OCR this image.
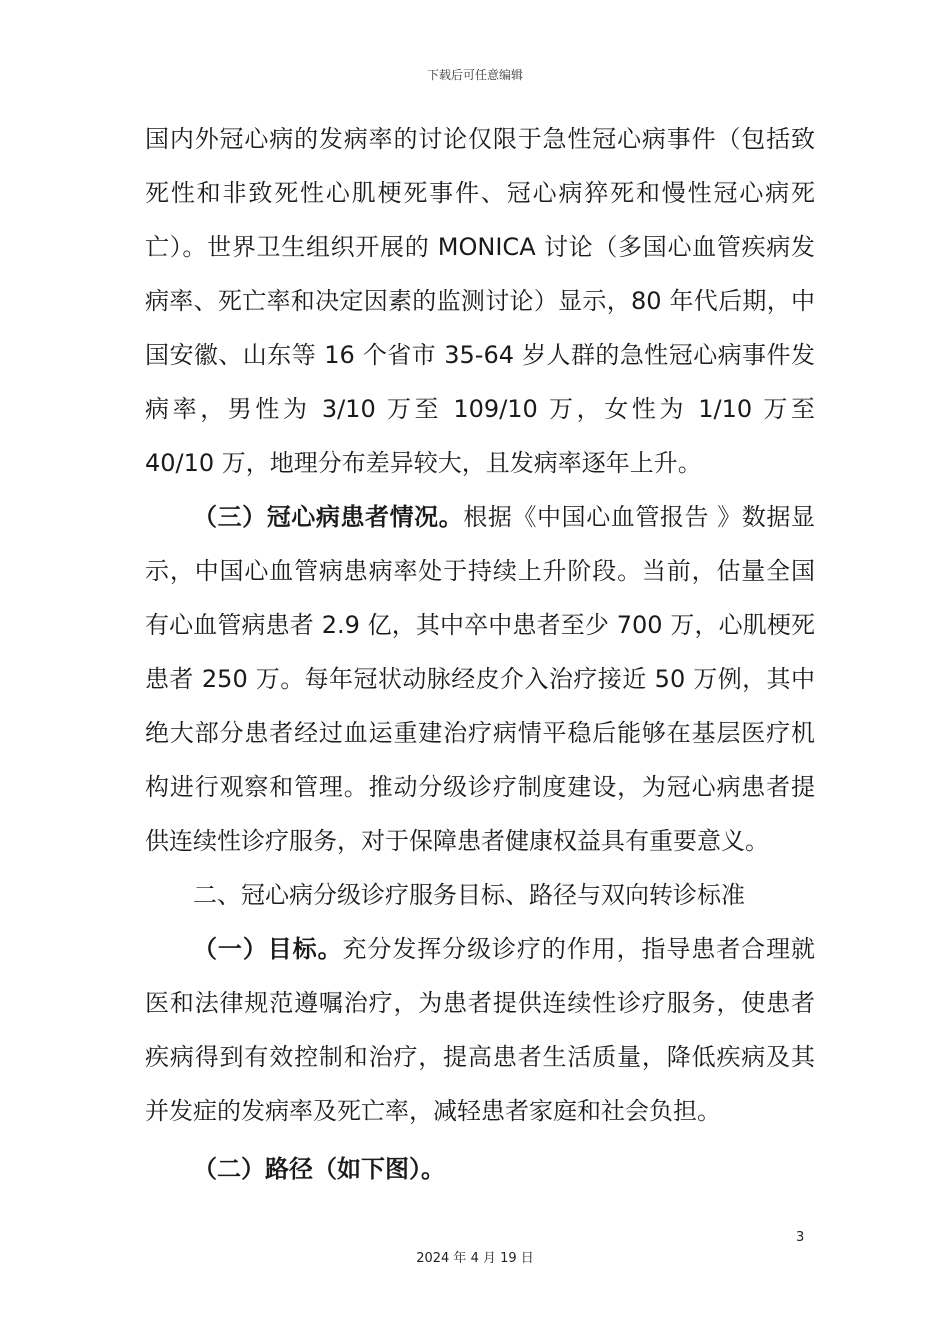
下载后可任意编辑

国内外冠心病的发病率的讨论仅限于急性冠心病事件（包括致死性和非致死性心肌梗死事件、冠心病猝死和慢性冠心病死亡）。世界卫生组织开展的 MONICA 讨论（多国心血管疾病发病率、死亡率和决定因素的监测讨论）显示，80 年代后期，中国安徽、山东等 16 个省市 35-64 岁人群的急性冠心病事件发病率，男性为 3/10 万至 109/10 万，女性为 1/10 万至 40/10 万，地理分布差异较大，且发病率逐年上升。

（三）冠心病患者情况。根据《中国心血管报告 》数据显示，中国心血管病患病率处于持续上升阶段。当前，估量全国有心血管病患者 2.9 亿，其中卒中患者至少 700 万，心肌梗死患者 250 万。每年冠状动脉经皮介入治疗接近 50 万例，其中绝大部分患者经过血运重建治疗病情平稳后能够在基层医疗机构进行观察和管理。推动分级诊疗制度建设，为冠心病患者提供连续性诊疗服务，对于保障患者健康权益具有重要意义。

二、冠心病分级诊疗服务目标、路径与双向转诊标准

（一）目标。充分发挥分级诊疗的作用，指导患者合理就医和法律规范遵嘱治疗，为患者提供连续性诊疗服务，使患者疾病得到有效控制和治疗，提高患者生活质量，降低疾病及其并发症的发病率及死亡率，减轻患者家庭和社会负担。

（二）路径（如下图）。

3
2024 年 4 月 19 日
